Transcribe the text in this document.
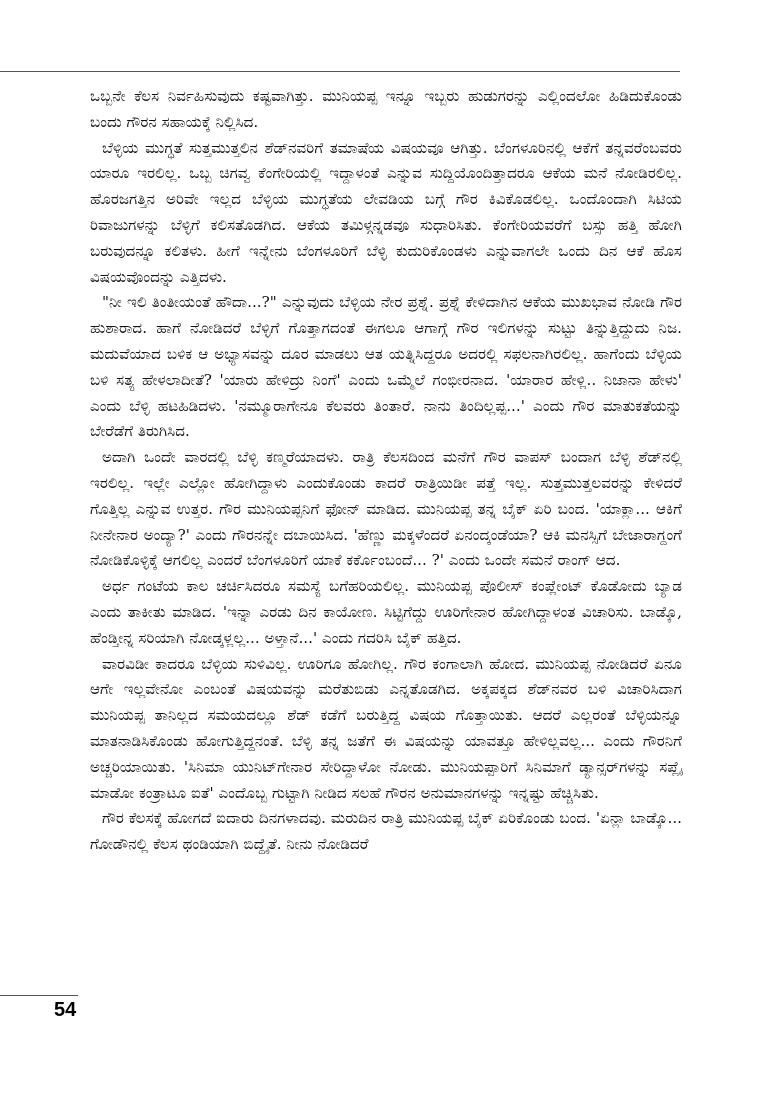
ಒಬ್ಬನೇ ಕೆಲಸ ನಿರ್ವಹಿಸುವುದು ಕಷ್ಟವಾಗಿತ್ತು. ಮುನಿಯಪ್ಪ ಇನ್ನೂ ಇಬ್ಬರು ಹುಡುಗರನ್ನು ಎಲ್ಲಿಂದಲೋ ಹಿಡಿದುಕೊಂಡು ಬಂದು ಗೌರನ ಸಹಾಯಕ್ಕೆ ನಿಲ್ಲಿಸಿದ.

ಬೆಳ್ಳಿಯ ಮುಗ್ಧತೆ ಸುತ್ತಮುತ್ತಲಿನ ಶೆಡ್‌ನವರಿಗೆ ತಮಾಷೆಯ ವಿಷಯವೂ ಆಗಿತ್ತು. ಬೆಂಗಳೂರಿನಲ್ಲಿ ಆಕೆಗೆ ತನ್ನವರೆಂಬವರು ಯಾರೂ ಇರಲಿಲ್ಲ. ಒಬ್ಬ ಚಿಗವ್ವ ಕೆಂಗೇರಿಯಲ್ಲಿ ಇದ್ದಾಳಂತೆ ಎನ್ನುವ ಸುದ್ದಿಯೊಂದಿತ್ತಾದರೂ ಆಕೆಯ ಮನೆ ನೋಡಿರಲಿಲ್ಲ. ಹೊರಜಗತ್ತಿನ ಅರಿವೇ ಇಲ್ಲದ ಬೆಳ್ಳಿಯ ಮುಗ್ಧತೆಯ ಲೇವಡಿಯ ಬಗ್ಗೆ ಗೌರ ಕಿವಿಕೊಡಲಿಲ್ಲ. ಒಂದೊಂದಾಗಿ ಸಿಟಿಯ ರಿವಾಜುಗಳನ್ನು ಬೆಳ್ಳಿಗೆ ಕಲಿಸತೊಡಗಿದ. ಆಕೆಯ ತಮಿಳ್ಗನ್ನಡವೂ ಸುಧಾರಿಸಿತು. ಕೆಂಗೇರಿಯವರೆಗೆ ಬಸ್ಸು ಹತ್ತಿ ಹೋಗಿ ಬರುವುದನ್ನೂ ಕಲಿತಳು. ಹೀಗೆ ಇನ್ನೇನು ಬೆಂಗಳೂರಿಗೆ ಬೆಳ್ಳಿ ಕುದುರಿಕೊಂಡಳು ಎನ್ನುವಾಗಲೇ ಒಂದು ದಿನ ಆಕೆ ಹೊಸ ವಿಷಯವೊಂದನ್ನು ಎತ್ತಿದಳು.

"ನೀ ಇಲಿ ತಿಂತೀಯಂತೆ ಹೌದಾ...?" ಎನ್ನುವುದು ಬೆಳ್ಳಿಯ ನೇರ ಪ್ರಶ್ನೆ. ಪ್ರಶ್ನೆ ಕೇಳಿದಾಗಿನ ಆಕೆಯ ಮುಖಭಾವ ನೋಡಿ ಗೌರ ಹುಶಾರಾದ. ಹಾಗೆ ನೋಡಿದರೆ ಬೆಳ್ಳಿಗೆ ಗೊತ್ತಾಗದಂತೆ ಈಗಲೂ ಆಗಾಗ್ಗೆ ಗೌರ ಇಲಿಗಳನ್ನು ಸುಟ್ಟು ತಿನ್ನುತ್ತಿದ್ದುದು ನಿಜ. ಮದುವೆಯಾದ ಬಳಿಕ ಆ ಅಭ್ಯಾಸವನ್ನು ದೂರ ಮಾಡಲು ಆತ ಯತ್ನಿಸಿದ್ದರೂ ಅದರಲ್ಲಿ ಸಫಲನಾಗಿರಲಿಲ್ಲ. ಹಾಗೆಂದು ಬೆಳ್ಳಿಯ ಬಳಿ ಸತ್ಯ ಹೇಳಲಾದೀತೆ? 'ಯಾರು ಹೇಳಿದ್ರು ನಿಂಗೆ' ಎಂದು ಒಮ್ಮೆಲೆ ಗಂಭೀರನಾದ. 'ಯಾರಾರ ಹೇಳ್ಲಿ.. ನಿಜಾನಾ ಹೇಳು' ಎಂದು ಬೆಳ್ಳಿ ಹಟಹಿಡಿದಳು. 'ನಮ್ಮೂರಾಗೇನೂ ಕೆಲವರು ತಿಂತಾರೆ. ನಾನು ತಿಂದಿಲ್ಲಪ್ಪ...' ಎಂದು ಗೌರ ಮಾತುಕತೆಯನ್ನು ಬೇರೆಡೆಗೆ ತಿರುಗಿಸಿದ.

ಅದಾಗಿ ಒಂದೇ ವಾರದಲ್ಲಿ ಬೆಳ್ಳಿ ಕಣ್ಮರೆಯಾದಳು. ರಾತ್ರಿ ಕೆಲಸದಿಂದ ಮನೆಗೆ ಗೌರ ವಾಪಸ್ ಬಂದಾಗ ಬೆಳ್ಳಿ ಶೆಡ್‌ನಲ್ಲಿ ಇರಲಿಲ್ಲ. ಇಲ್ಲೇ ಎಲ್ಲೋ ಹೋಗಿದ್ದಾಳು ಎಂದುಕೊಂಡು ಕಾದರೆ ರಾತ್ರಿಯಿಡೀ ಪತ್ತೆ ಇಲ್ಲ. ಸುತ್ತಮುತ್ತಲವರನ್ನು ಕೇಳಿದರೆ ಗೊತ್ತಿಲ್ಲ ಎನ್ನುವ ಉತ್ತರ. ಗೌರ ಮುನಿಯಪ್ಪನಿಗೆ ಫೋನ್ ಮಾಡಿದ. ಮುನಿಯಪ್ಪ ತನ್ನ ಬೈಕ್ ಏರಿ ಬಂದ. 'ಯಾಕ್ಲಾ... ಆಕಿಗೆ ನೀನೇನಾರ ಅಂದ್ಯಾ?' ಎಂದು ಗೌರನನ್ನೇ ದಬಾಯಿಸಿದ. 'ಹೆಣ್ಣು ಮಕ್ಕಳೆಂದರೆ ಏನಂದ್ಕಂಡೆಯಾ? ಆಕಿ ಮನಸ್ಸಿಗೆ ಬೇಜಾರಾಗ್ದಂಗೆ ನೋಡಿಕೊಳ್ಳಿಕ್ಕೆ ಆಗಲಿಲ್ಲ ಎಂದರೆ ಬೆಂಗಳೂರಿಗೆ ಯಾಕೆ ಕರ್ಕೊಂಬಂದೆ... ?' ಎಂದು ಒಂದೇ ಸಮನೆ ರಾಂಗ್ ಆದ.

ಅರ್ಧ ಗಂಟೆಯ ಕಾಲ ಚರ್ಚಿಸಿದರೂ ಸಮಸ್ಯೆ ಬಗೆಹರಿಯಲಿಲ್ಲ. ಮುನಿಯಪ್ಪ ಪೊಲೀಸ್ ಕಂಪ್ಲೇಂಟ್ ಕೊಡೋದು ಬ್ಯಾಡ ಎಂದು ತಾಕೀತು ಮಾಡಿದ. 'ಇನ್ನಾ ಎರಡು ದಿನ ಕಾಯೋಣ. ಸಿಟ್ಟಿಗೆದ್ದು ಊರಿಗೇನಾರ ಹೋಗಿದ್ದಾಳಂತ ವಿಚಾರಿಸು. ಬಾಡ್ಕೊ, ಹೆಂಡ್ತೀನ್ನ ಸರಿಯಾಗಿ ನೋಡ್ಕಳ್ಲಲ್ಲ... ಅಳ್ತಾನೆ...' ಎಂದು ಗದರಿಸಿ ಬೈಕ್ ಹತ್ತಿದ.

ವಾರವಿಡೀ ಕಾದರೂ ಬೆಳ್ಳಿಯ ಸುಳಿವಿಲ್ಲ. ಊರಿಗೂ ಹೋಗಿಲ್ಲ. ಗೌರ ಕಂಗಾಲಾಗಿ ಹೋದ. ಮುನಿಯಪ್ಪ ನೋಡಿದರೆ ಏನೂ ಆಗೇ ಇಲ್ಲವೇನೋ ಎಂಬಂತೆ ವಿಷಯವನ್ನು ಮರೆತುಬಿಡು ಎನ್ನತೊಡಗಿದ. ಅಕ್ಕಪಕ್ಕದ ಶೆಡ್‌ನವರ ಬಳಿ ವಿಚಾರಿಸಿದಾಗ ಮುನಿಯಪ್ಪ ತಾನಿಲ್ಲದ ಸಮಯದಲ್ಲೂ ಶೆಡ್ ಕಡೆಗೆ ಬರುತ್ತಿದ್ದ ವಿಷಯ ಗೊತ್ತಾಯಿತು. ಆದರೆ ಎಲ್ಲರಂತೆ ಬೆಳ್ಳಿಯನ್ನೂ ಮಾತನಾಡಿಸಿಕೊಂಡು ಹೋಗುತ್ತಿದ್ದನಂತೆ. ಬೆಳ್ಳಿ ತನ್ನ ಜತೆಗೆ ಈ ವಿಷಯನ್ನು ಯಾವತ್ತೂ ಹೇಳಿಲ್ಲವಲ್ಲ... ಎಂದು ಗೌರನಿಗೆ ಅಚ್ಚರಿಯಾಯಿತು. 'ಸಿನಿಮಾ ಯುನಿಟ್‌ಗೇನಾರ ಸೇರಿದ್ದಾಳೋ ನೋಡು. ಮುನಿಯಪ್ಪಾರಿಗೆ ಸಿನಿಮಾಗೆ ಡ್ಯಾನ್ಸರ್‌ಗಳನ್ನು ಸಪ್ಲೈ ಮಾಡೋ ಕಂತ್ರಾಟೂ ಐತೆ' ಎಂದೊಬ್ಬ ಗುಟ್ಟಾಗಿ ನೀಡಿದ ಸಲಹೆ ಗೌರನ ಅನುಮಾನಗಳನ್ನು ಇನ್ನಷ್ಟು ಹೆಚ್ಚಿಸಿತು.

ಗೌರ ಕೆಲಸಕ್ಕೆ ಹೋಗದೆ ಐದಾರು ದಿನಗಳಾದವು. ಮರುದಿನ ರಾತ್ರಿ ಮುನಿಯಪ್ಪ ಬೈಕ್ ಏರಿಕೊಂಡು ಬಂದ. 'ಏನ್ಲಾ ಬಾಡ್ಕೊ... ಗೋಡೌನಲ್ಲಿ ಕೆಲಸ ಥಂಡಿಯಾಗಿ ಬಿದ್ದೈತೆ. ನೀನು ನೋಡಿದರೆ

54
